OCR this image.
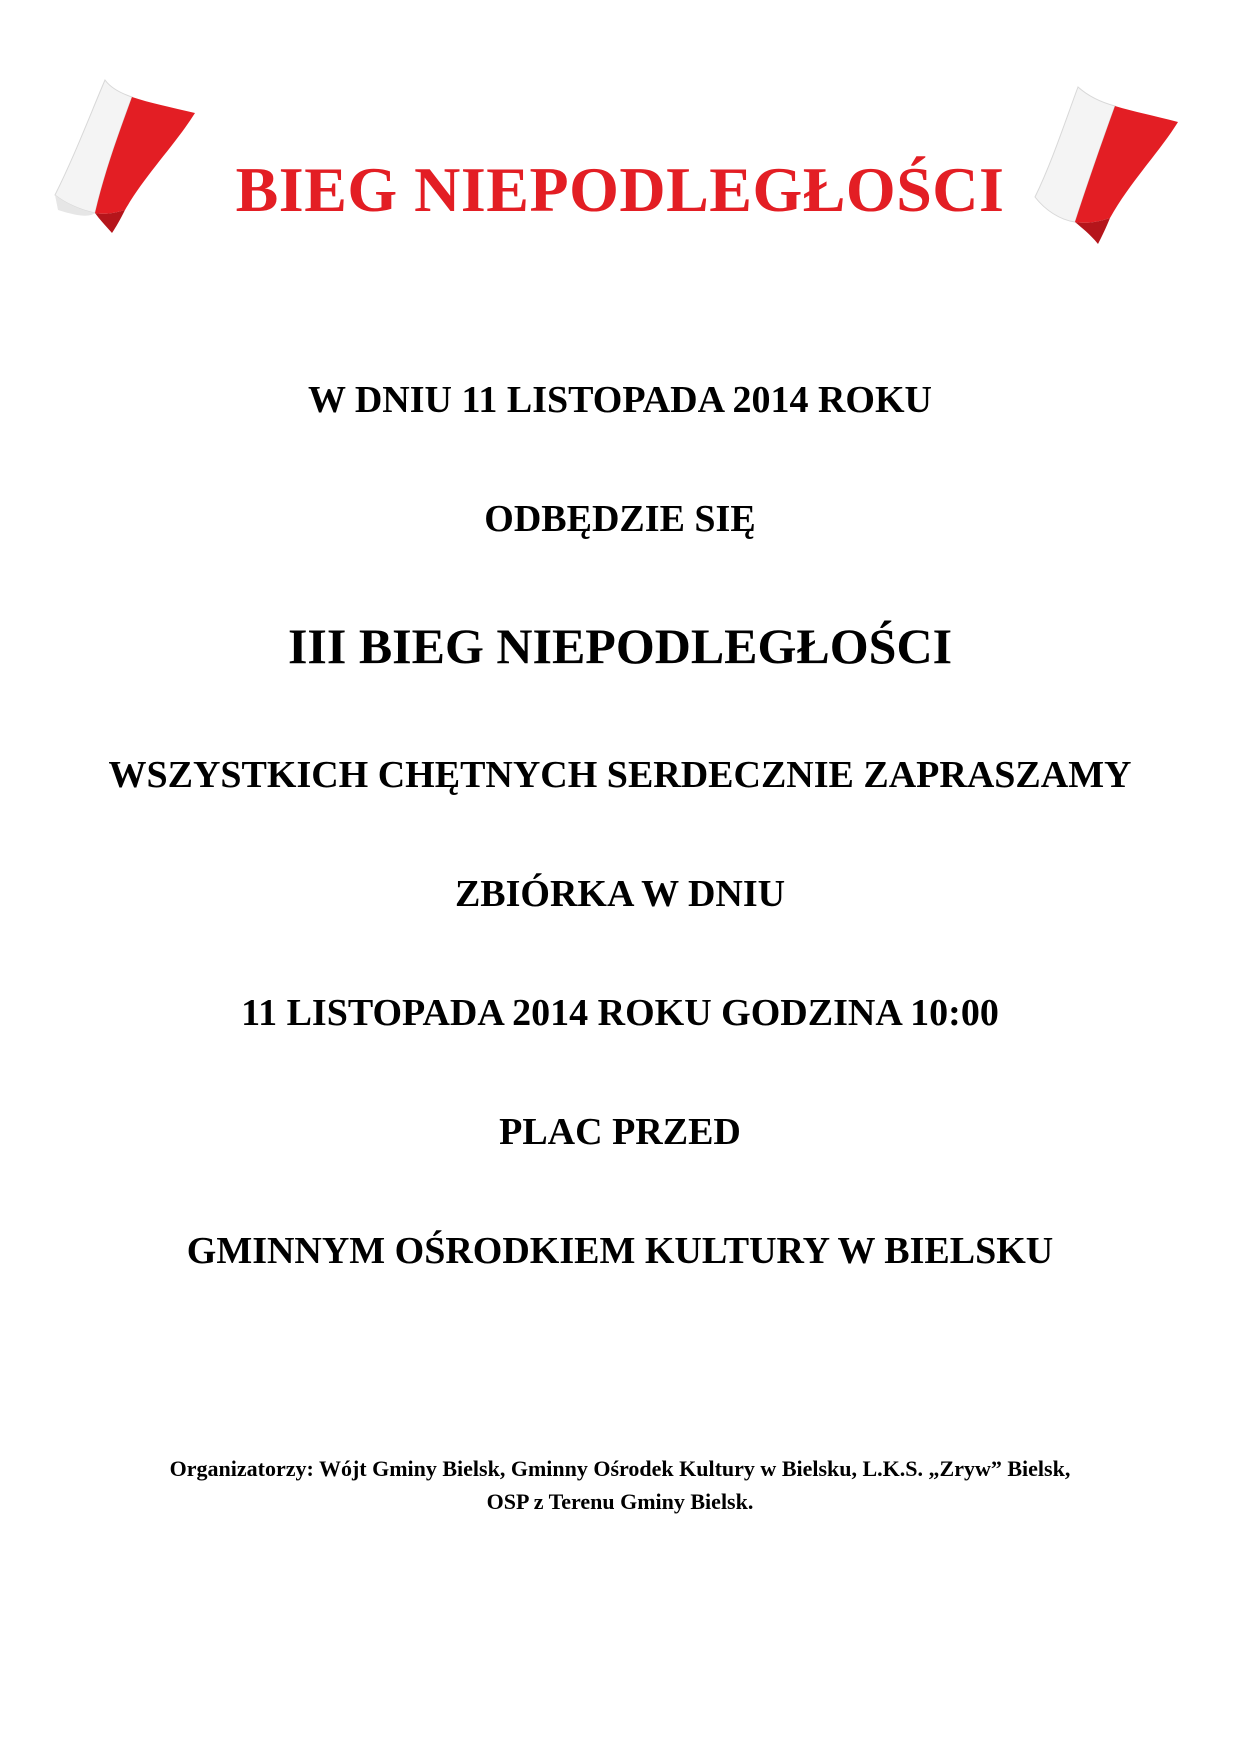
BIEG NIEPODLEGŁOŚCI
W DNIU 11 LISTOPADA 2014 ROKU
ODBĘDZIE SIĘ
III BIEG NIEPODLEGŁOŚCI
WSZYSTKICH CHĘTNYCH SERDECZNIE ZAPRASZAMY
ZBIÓRKA W DNIU
11 LISTOPADA 2014 ROKU GODZINA 10:00
PLAC PRZED
GMINNYM OŚRODKIEM KULTURY W BIELSKU
Organizatorzy: Wójt Gminy Bielsk, Gminny Ośrodek Kultury w Bielsku, L.K.S. „Zryw” Bielsk,
OSP z Terenu Gminy Bielsk.
